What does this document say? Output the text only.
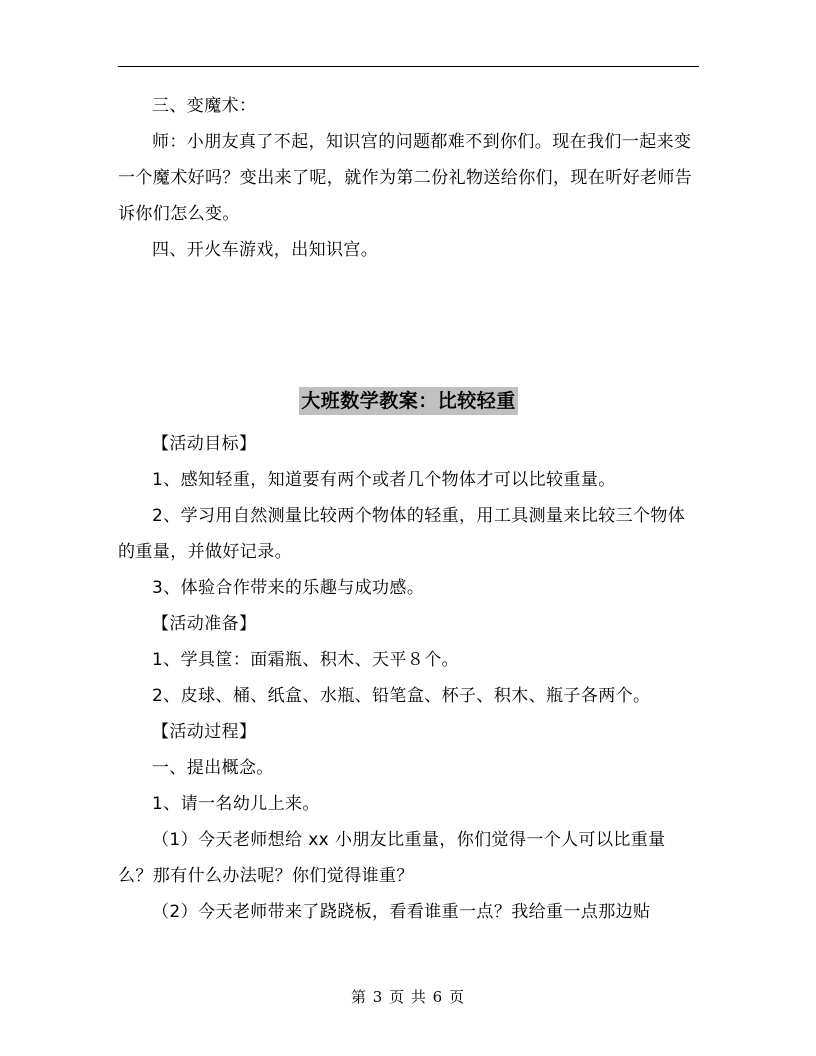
三、变魔术：

师：小朋友真了不起，知识宫的问题都难不到你们。现在我们一起来变一个魔术好吗？变出来了呢，就作为第二份礼物送给你们，现在听好老师告诉你们怎么变。

四、开火车游戏，出知识宫。

大班数学教案：比较轻重

【活动目标】

1、感知轻重，知道要有两个或者几个物体才可以比较重量。

2、学习用自然测量比较两个物体的轻重，用工具测量来比较三个物体的重量，并做好记录。

3、体验合作带来的乐趣与成功感。

【活动准备】

1、学具筐：面霜瓶、积木、天平８个。

2、皮球、桶、纸盒、水瓶、铅笔盒、杯子、积木、瓶子各两个。

【活动过程】

一、提出概念。

1、请一名幼儿上来。

（1）今天老师想给 xx 小朋友比重量，你们觉得一个人可以比重量么？那有什么办法呢？你们觉得谁重？

（2）今天老师带来了跷跷板，看看谁重一点？我给重一点那边贴

第 3 页 共 6 页
